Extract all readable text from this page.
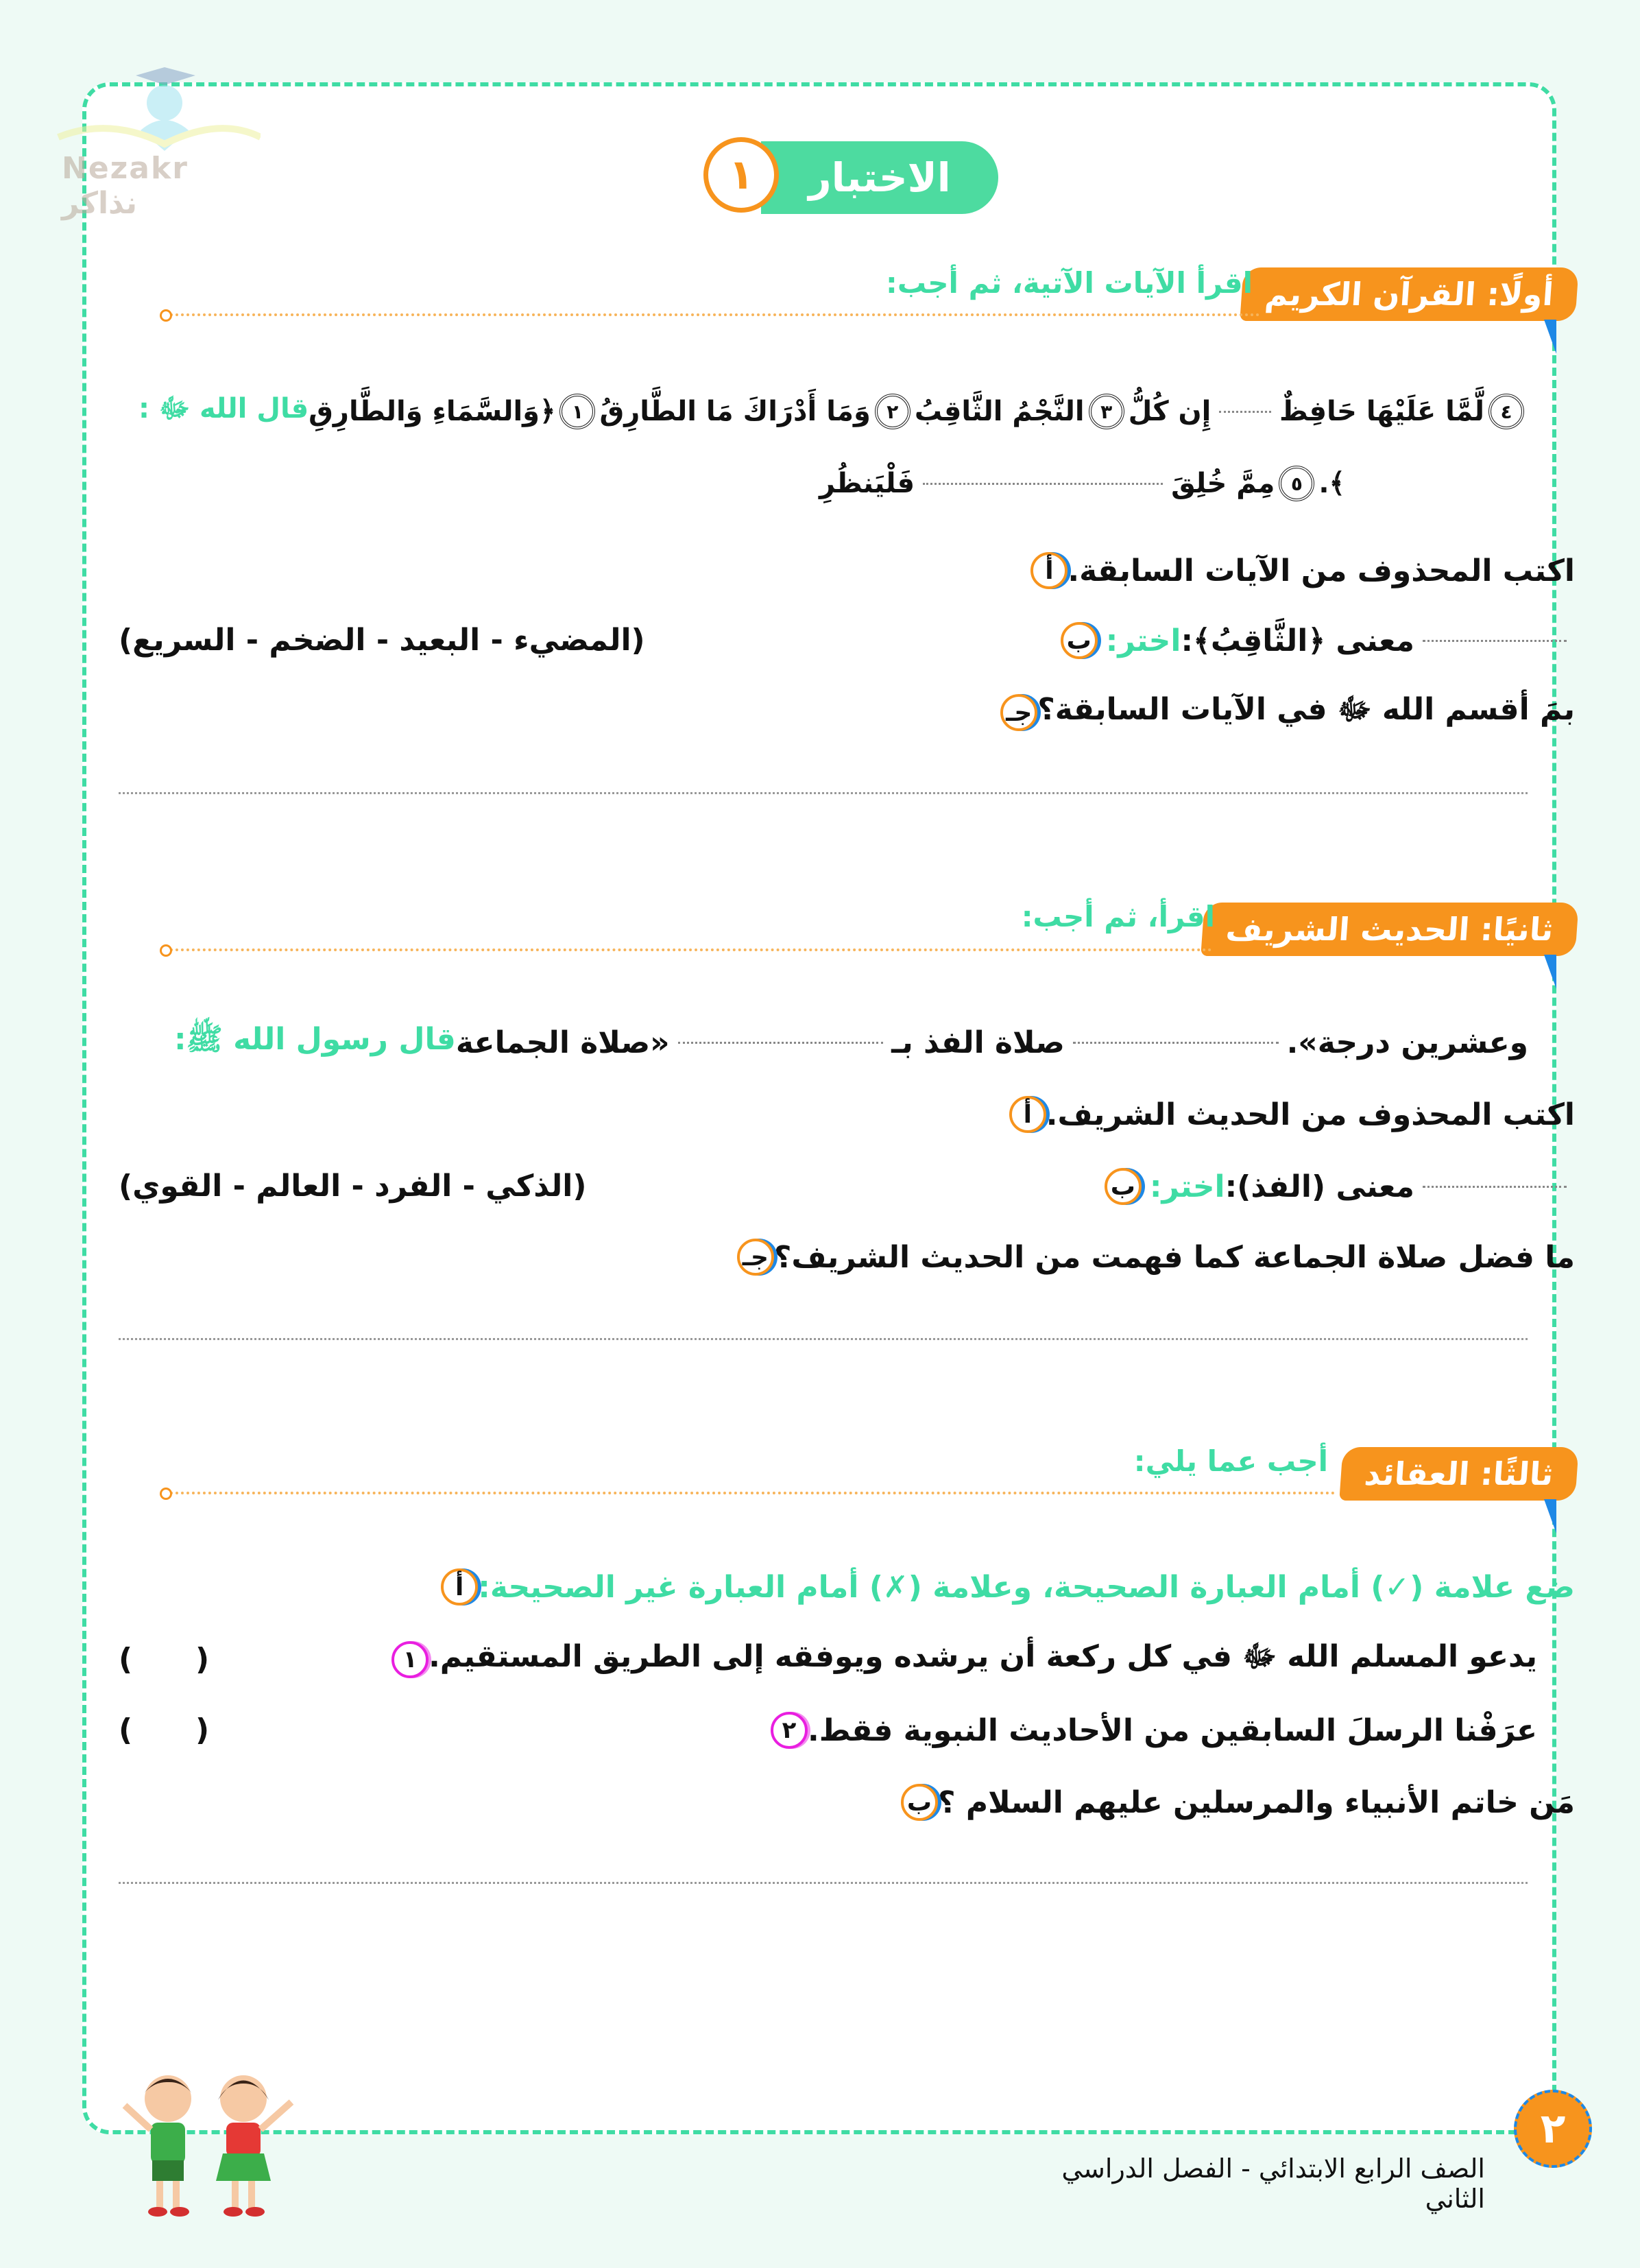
Nezakr نذاكر
الاختبار
١
أولًا: القرآن الكريم
اقرأ الآيات الآتية، ثم أجب:
قال الله ﷻ : ﴿وَالسَّمَاءِ وَالطَّارِقِ ١ وَمَا أَدْرَاكَ مَا الطَّارِقُ ٢ النَّجْمُ الثَّاقِبُ ٣ إِن كُلُّ لَّمَّا عَلَيْهَا حَافِظٌ ٤
فَلْيَنظُرِ	مِمَّ خُلِقَ ٥ ﴾.
أ اكتب المحذوف من الآيات السابقة.
ب اختر: معنى ﴿الثَّاقِبُ﴾:
(المضيء - البعيد - الضخم - السريع)
جـ بمَ أقسم الله ﷻ في الآيات السابقة؟
ثانيًا: الحديث الشريف
اقرأ، ثم أجب:
قال رسول الله ﷺ: «صلاة الجماعة	صلاة الفذ بـ	وعشرين درجة».
أ اكتب المحذوف من الحديث الشريف.
ب اختر: معنى (الفذ):
(الذكي - الفرد - العالم - القوي)
جـ ما فضل صلاة الجماعة كما فهمت من الحديث الشريف؟
ثالثًا: العقائد
أجب عما يلي:
أ ضع علامة (✓) أمام العبارة الصحيحة، وعلامة (✗) أمام العبارة غير الصحيحة:
١ يدعو المسلم الله ﷻ في كل ركعة أن يرشده ويوفقه إلى الطريق المستقيم.
(      )
٢ عرَفْنا الرسلَ السابقين من الأحاديث النبوية فقط.
(      )
ب مَن خاتم الأنبياء والمرسلين عليهم السلام ؟
٢
الصف الرابع الابتدائي - الفصل الدراسي الثاني
